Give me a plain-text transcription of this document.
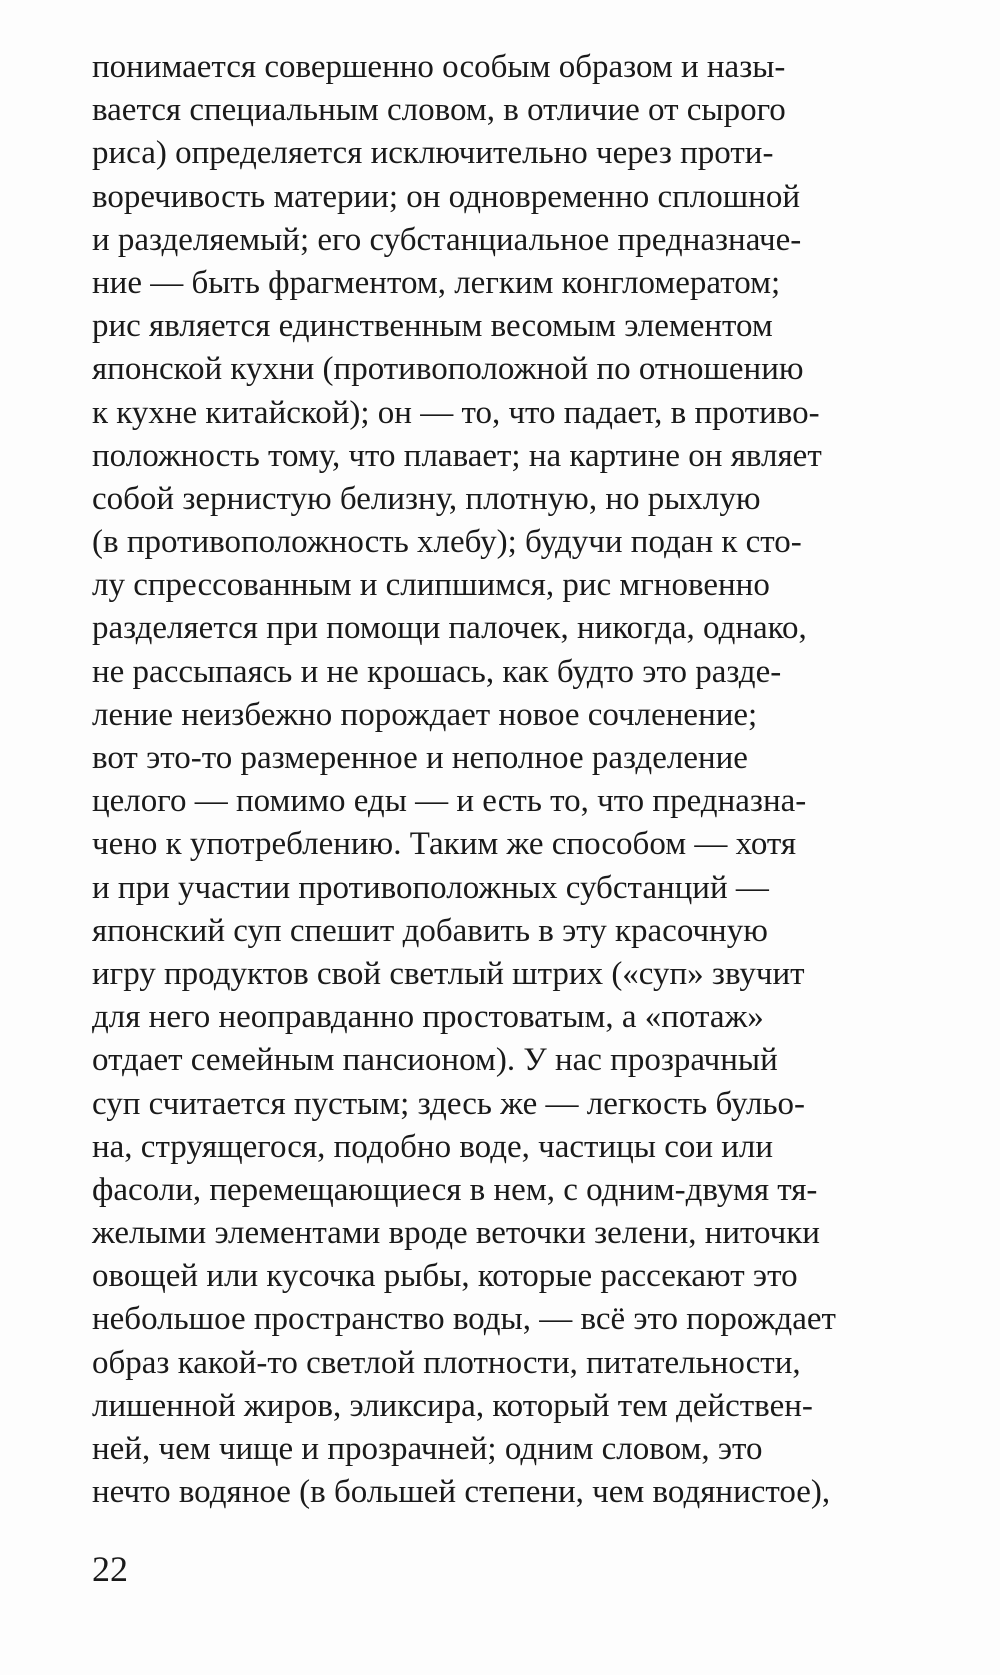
понимается совершенно особым образом и назы-
вается специальным словом, в отличие от сырого
риса) определяется исключительно через проти-
воречивость материи; он одновременно сплошной
и разделяемый; его субстанциальное предназначе-
ние — быть фрагментом, легким конгломератом;
рис является единственным весомым элементом
японской кухни (противоположной по отношению
к кухне китайской); он — то, что падает, в противо-
положность тому, что плавает; на картине он являет
собой зернистую белизну, плотную, но рыхлую
(в противоположность хлебу); будучи подан к сто-
лу спрессованным и слипшимся, рис мгновенно
разделяется при помощи палочек, никогда, однако,
не рассыпаясь и не крошась, как будто это разде-
ление неизбежно порождает новое сочленение;
вот это-то размеренное и неполное разделение
целого — помимо еды — и есть то, что предназна-
чено к употреблению. Таким же способом — хотя
и при участии противоположных субстанций —
японский суп спешит добавить в эту красочную
игру продуктов свой светлый штрих («суп» звучит
для него неоправданно простоватым, а «потаж»
отдает семейным пансионом). У нас прозрачный
суп считается пустым; здесь же — легкость бульо-
на, струящегося, подобно воде, частицы сои или
фасоли, перемещающиеся в нем, с одним-двумя тя-
желыми элементами вроде веточки зелени, ниточки
овощей или кусочка рыбы, которые рассекают это
небольшое пространство воды, — всё это порождает
образ какой-то светлой плотности, питательности,
лишенной жиров, эликсира, который тем действен-
ней, чем чище и прозрачней; одним словом, это
нечто водяное (в большей степени, чем водянистое),
22
